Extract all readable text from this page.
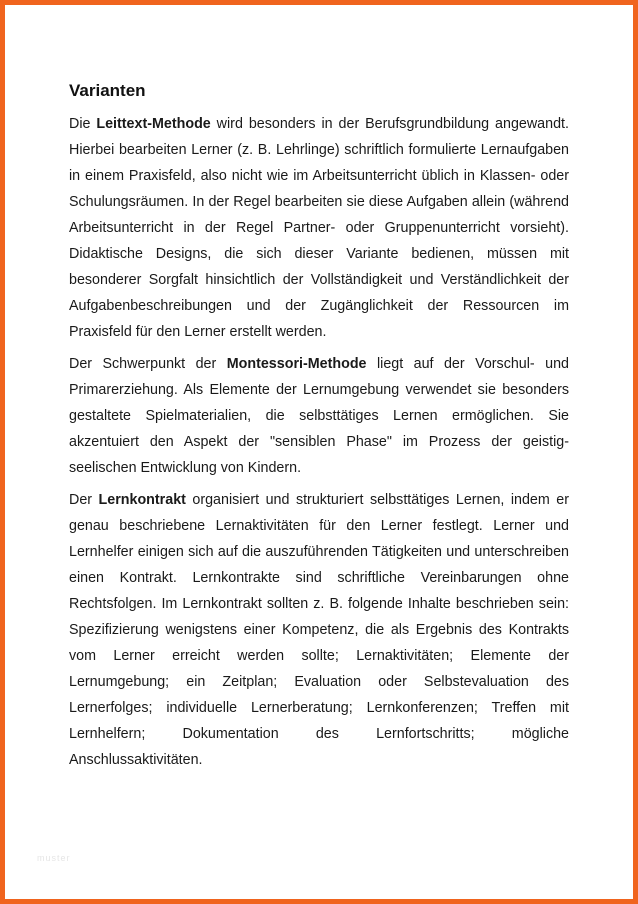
Varianten

Die Leittext-Methode wird besonders in der Berufsgrundbildung angewandt. Hierbei bearbeiten Lerner (z. B. Lehrlinge) schriftlich formulierte Lernaufgaben in einem Praxisfeld, also nicht wie im Arbeitsunterricht üblich in Klassen- oder Schulungsräumen. In der Regel bearbeiten sie diese Aufgaben allein (während Arbeitsunterricht in der Regel Partner- oder Gruppenunterricht vorsieht). Didaktische Designs, die sich dieser Variante bedienen, müssen mit besonderer Sorgfalt hinsichtlich der Vollständigkeit und Verständlichkeit der Aufgabenbeschreibungen und der Zugänglichkeit der Ressourcen im Praxisfeld für den Lerner erstellt werden.

Der Schwerpunkt der Montessori-Methode liegt auf der Vorschul- und Primarerziehung. Als Elemente der Lernumgebung verwendet sie besonders gestaltete Spielmaterialien, die selbsttätiges Lernen ermöglichen. Sie akzentuiert den Aspekt der "sensiblen Phase" im Prozess der geistig-seelischen Entwicklung von Kindern.

Der Lernkontrakt organisiert und strukturiert selbsttätiges Lernen, indem er genau beschriebene Lernaktivitäten für den Lerner festlegt. Lerner und Lernhelfer einigen sich auf die auszuführenden Tätigkeiten und unterschreiben einen Kontrakt. Lernkontrakte sind schriftliche Vereinbarungen ohne Rechtsfolgen. Im Lernkontrakt sollten z. B. folgende Inhalte beschrieben sein: Spezifizierung wenigstens einer Kompetenz, die als Ergebnis des Kontrakts vom Lerner erreicht werden sollte; Lernaktivitäten; Elemente der Lernumgebung; ein Zeitplan; Evaluation oder Selbstevaluation des Lernerfolges; individuelle Lernerberatung; Lernkonferenzen; Treffen mit Lernhelfern; Dokumentation des Lernfortschritts; mögliche Anschlussaktivitäten.

muster
